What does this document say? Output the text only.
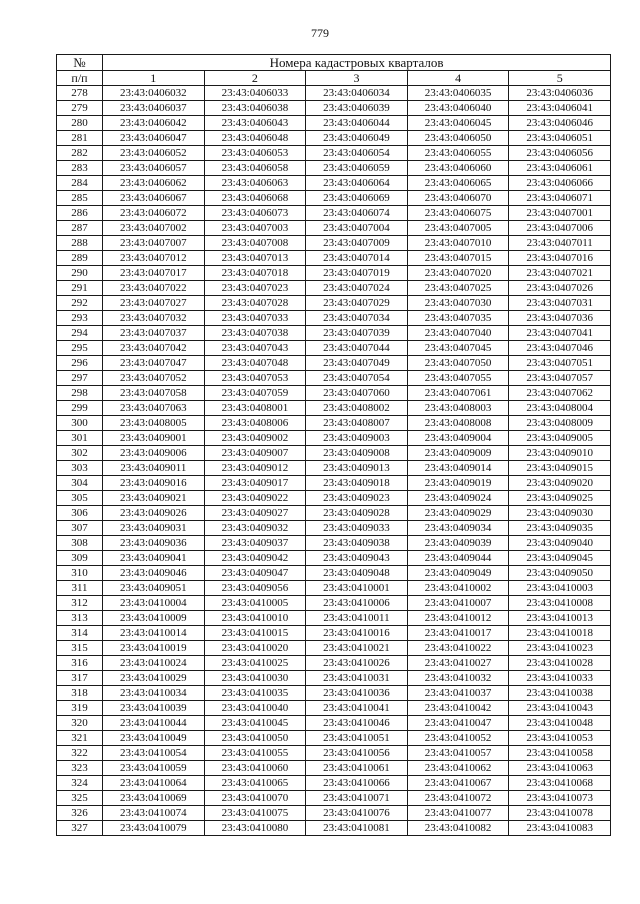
779
№	Номера кадастровых кварталов				
п/п	1	2	3	4	5
278	23:43:0406032	23:43:0406033	23:43:0406034	23:43:0406035	23:43:0406036
279	23:43:0406037	23:43:0406038	23:43:0406039	23:43:0406040	23:43:0406041
280	23:43:0406042	23:43:0406043	23:43:0406044	23:43:0406045	23:43:0406046
281	23:43:0406047	23:43:0406048	23:43:0406049	23:43:0406050	23:43:0406051
282	23:43:0406052	23:43:0406053	23:43:0406054	23:43:0406055	23:43:0406056
283	23:43:0406057	23:43:0406058	23:43:0406059	23:43:0406060	23:43:0406061
284	23:43:0406062	23:43:0406063	23:43:0406064	23:43:0406065	23:43:0406066
285	23:43:0406067	23:43:0406068	23:43:0406069	23:43:0406070	23:43:0406071
286	23:43:0406072	23:43:0406073	23:43:0406074	23:43:0406075	23:43:0407001
287	23:43:0407002	23:43:0407003	23:43:0407004	23:43:0407005	23:43:0407006
288	23:43:0407007	23:43:0407008	23:43:0407009	23:43:0407010	23:43:0407011
289	23:43:0407012	23:43:0407013	23:43:0407014	23:43:0407015	23:43:0407016
290	23:43:0407017	23:43:0407018	23:43:0407019	23:43:0407020	23:43:0407021
291	23:43:0407022	23:43:0407023	23:43:0407024	23:43:0407025	23:43:0407026
292	23:43:0407027	23:43:0407028	23:43:0407029	23:43:0407030	23:43:0407031
293	23:43:0407032	23:43:0407033	23:43:0407034	23:43:0407035	23:43:0407036
294	23:43:0407037	23:43:0407038	23:43:0407039	23:43:0407040	23:43:0407041
295	23:43:0407042	23:43:0407043	23:43:0407044	23:43:0407045	23:43:0407046
296	23:43:0407047	23:43:0407048	23:43:0407049	23:43:0407050	23:43:0407051
297	23:43:0407052	23:43:0407053	23:43:0407054	23:43:0407055	23:43:0407057
298	23:43:0407058	23:43:0407059	23:43:0407060	23:43:0407061	23:43:0407062
299	23:43:0407063	23:43:0408001	23:43:0408002	23:43:0408003	23:43:0408004
300	23:43:0408005	23:43:0408006	23:43:0408007	23:43:0408008	23:43:0408009
301	23:43:0409001	23:43:0409002	23:43:0409003	23:43:0409004	23:43:0409005
302	23:43:0409006	23:43:0409007	23:43:0409008	23:43:0409009	23:43:0409010
303	23:43:0409011	23:43:0409012	23:43:0409013	23:43:0409014	23:43:0409015
304	23:43:0409016	23:43:0409017	23:43:0409018	23:43:0409019	23:43:0409020
305	23:43:0409021	23:43:0409022	23:43:0409023	23:43:0409024	23:43:0409025
306	23:43:0409026	23:43:0409027	23:43:0409028	23:43:0409029	23:43:0409030
307	23:43:0409031	23:43:0409032	23:43:0409033	23:43:0409034	23:43:0409035
308	23:43:0409036	23:43:0409037	23:43:0409038	23:43:0409039	23:43:0409040
309	23:43:0409041	23:43:0409042	23:43:0409043	23:43:0409044	23:43:0409045
310	23:43:0409046	23:43:0409047	23:43:0409048	23:43:0409049	23:43:0409050
311	23:43:0409051	23:43:0409056	23:43:0410001	23:43:0410002	23:43:0410003
312	23:43:0410004	23:43:0410005	23:43:0410006	23:43:0410007	23:43:0410008
313	23:43:0410009	23:43:0410010	23:43:0410011	23:43:0410012	23:43:0410013
314	23:43:0410014	23:43:0410015	23:43:0410016	23:43:0410017	23:43:0410018
315	23:43:0410019	23:43:0410020	23:43:0410021	23:43:0410022	23:43:0410023
316	23:43:0410024	23:43:0410025	23:43:0410026	23:43:0410027	23:43:0410028
317	23:43:0410029	23:43:0410030	23:43:0410031	23:43:0410032	23:43:0410033
318	23:43:0410034	23:43:0410035	23:43:0410036	23:43:0410037	23:43:0410038
319	23:43:0410039	23:43:0410040	23:43:0410041	23:43:0410042	23:43:0410043
320	23:43:0410044	23:43:0410045	23:43:0410046	23:43:0410047	23:43:0410048
321	23:43:0410049	23:43:0410050	23:43:0410051	23:43:0410052	23:43:0410053
322	23:43:0410054	23:43:0410055	23:43:0410056	23:43:0410057	23:43:0410058
323	23:43:0410059	23:43:0410060	23:43:0410061	23:43:0410062	23:43:0410063
324	23:43:0410064	23:43:0410065	23:43:0410066	23:43:0410067	23:43:0410068
325	23:43:0410069	23:43:0410070	23:43:0410071	23:43:0410072	23:43:0410073
326	23:43:0410074	23:43:0410075	23:43:0410076	23:43:0410077	23:43:0410078
327	23:43:0410079	23:43:0410080	23:43:0410081	23:43:0410082	23:43:0410083
